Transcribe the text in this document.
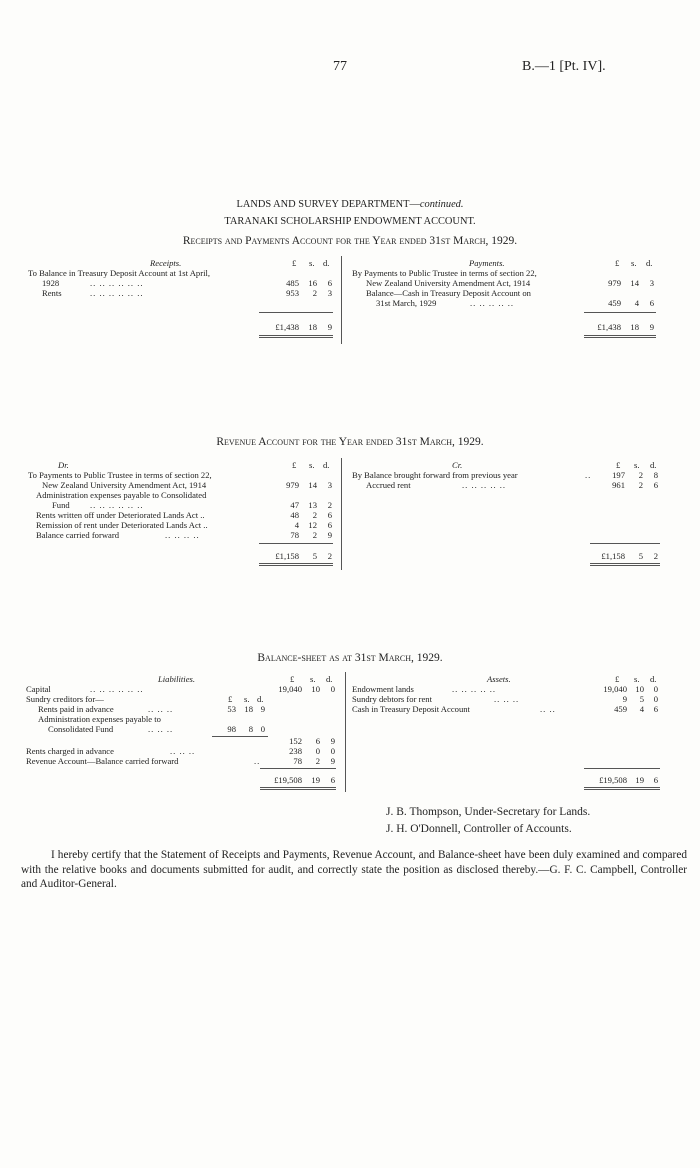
77	B.—1 [Pt. IV].
LANDS AND SURVEY DEPARTMENT—continued.
TARANAKI SCHOLARSHIP ENDOWMENT ACCOUNT.
Receipts and Payments Account for the Year ended 31st March, 1929.
Receipts.	£ s. d.
To Balance in Treasury Deposit Account at 1st April,
1928	.. .. .. .. .. ..	485	16	6
Rents	.. .. .. .. .. ..	953	2	3
£1,438	18	9
Payments.	£ s. d.
By Payments to Public Trustee in terms of section 22,
New Zealand University Amendment Act, 1914	979	14	3
Balance—Cash in Treasury Deposit Account on
31st March, 1929	.. .. .. .. ..	459	4	6
£1,438	18	9
Revenue Account for the Year ended 31st March, 1929.
Dr.	£ s. d.
To Payments to Public Trustee in terms of section 22,
New Zealand University Amendment Act, 1914	979	14	3
Administration expenses payable to Consolidated
Fund .. .. .. .. .. ..	47	13	2
Rents written off under Deteriorated Lands Act ..	48	2	6
Remission of rent under Deteriorated Lands Act ..	4	12	6
Balance carried forward	.. .. .. ..	78	2	9
£1,158	5	2
Cr.	£ s. d.
By Balance brought forward from previous year	..	197	2	8
Accrued rent	.. .. .. .. ..	961	2	6
£1,158	5	2
Balance-sheet as at 31st March, 1929.
Liabilities.	£ s. d.
Capital	.. .. .. .. .. ..	19,040	10	0
Sundry creditors for—	£ s. d.
Rents paid in advance	.. .. ..	53 18 9
Administration expenses payable to
Consolidated Fund	.. .. ..	98	8 0
152	6	9
Rents charged in advance	.. .. ..	238	0	0
Revenue Account—Balance carried forward	..	78	2	9
£19,508	19	6
Assets.	£ s. d.
Endowment lands	.. .. .. .. ..	19,040 10	0
Sundry debtors for rent	.. .. ..	9	5	0
Cash in Treasury Deposit Account	.. ..	459	4	6
£19,508 19	6
J. B. Thompson, Under-Secretary for Lands.
J. H. O'Donnell, Controller of Accounts.
I hereby certify that the Statement of Receipts and Payments, Revenue Account, and Balance-sheet have been duly examined and compared with the relative books and documents submitted for audit, and correctly state the position as disclosed thereby.—G. F. C. Campbell, Controller and Auditor-General.
